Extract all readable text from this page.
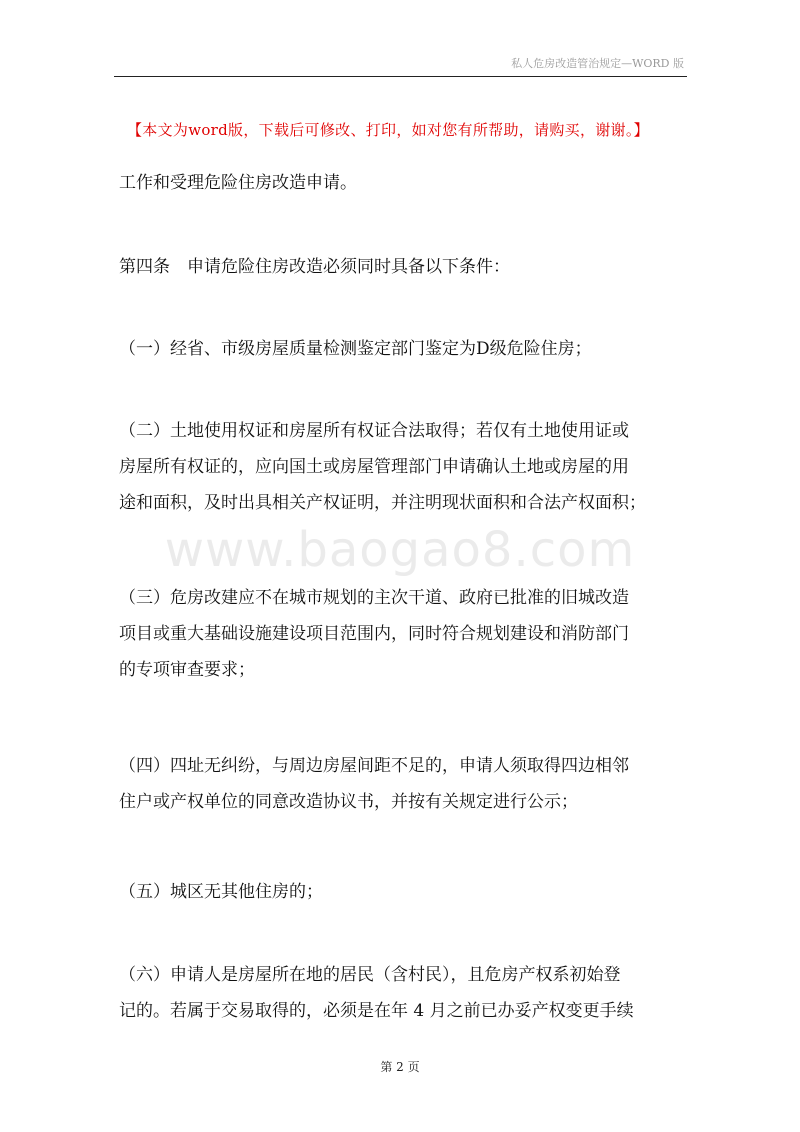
私人危房改造管治规定—WORD 版
【本文为word版，下载后可修改、打印，如对您有所帮助，请购买，谢谢。】

工作和受理危险住房改造申请。

第四条　申请危险住房改造必须同时具备以下条件：

（一）经省、市级房屋质量检测鉴定部门鉴定为D级危险住房；

（二）土地使用权证和房屋所有权证合法取得；若仅有土地使用证或
房屋所有权证的，应向国土或房屋管理部门申请确认土地或房屋的用
途和面积，及时出具相关产权证明，并注明现状面积和合法产权面积；

（三）危房改建应不在城市规划的主次干道、政府已批准的旧城改造
项目或重大基础设施建设项目范围内，同时符合规划建设和消防部门
的专项审查要求；

（四）四址无纠纷，与周边房屋间距不足的，申请人须取得四边相邻
住户或产权单位的同意改造协议书，并按有关规定进行公示；

（五）城区无其他住房的；

（六）申请人是房屋所在地的居民（含村民），且危房产权系初始登
记的。若属于交易取得的，必须是在年 4 月之前已办妥产权变更手续

www.baogao8.com
第 2 页
